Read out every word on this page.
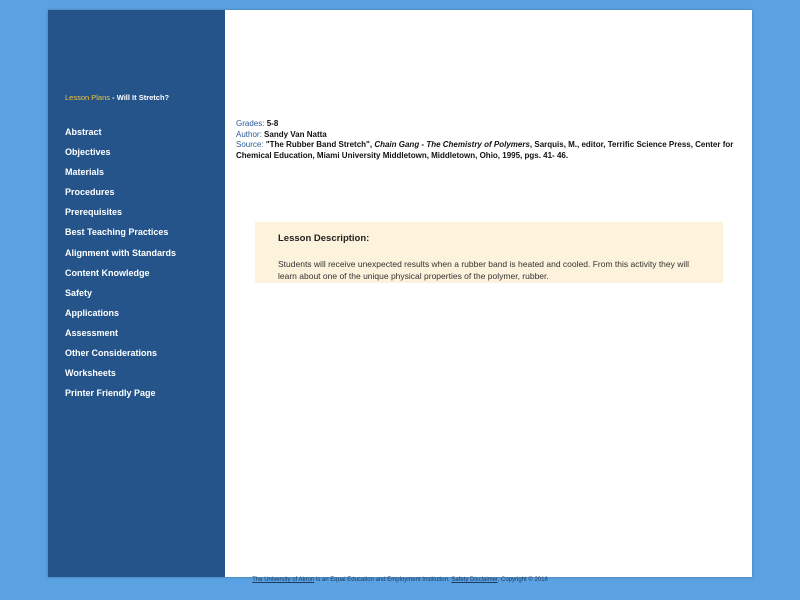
Lesson Plans - Will It Stretch?
Abstract
Objectives
Materials
Procedures
Prerequisites
Best Teaching Practices
Alignment with Standards
Content Knowledge
Safety
Applications
Assessment
Other Considerations
Worksheets
Printer Friendly Page
Grades: 5-8
Author: Sandy Van Natta
Source: "The Rubber Band Stretch", Chain Gang - The Chemistry of Polymers, Sarquis, M., editor, Terrific Science Press, Center for Chemical Education, Miami University Middletown, Middletown, Ohio, 1995, pgs. 41- 46.
Lesson Description:
Students will receive unexpected results when a rubber band is heated and cooled. From this activity they will learn about one of the unique physical properties of the polymer, rubber.
The University of Akron is an Equal Education and Employment Institution. Safety Disclaimer, Copyright © 2016
